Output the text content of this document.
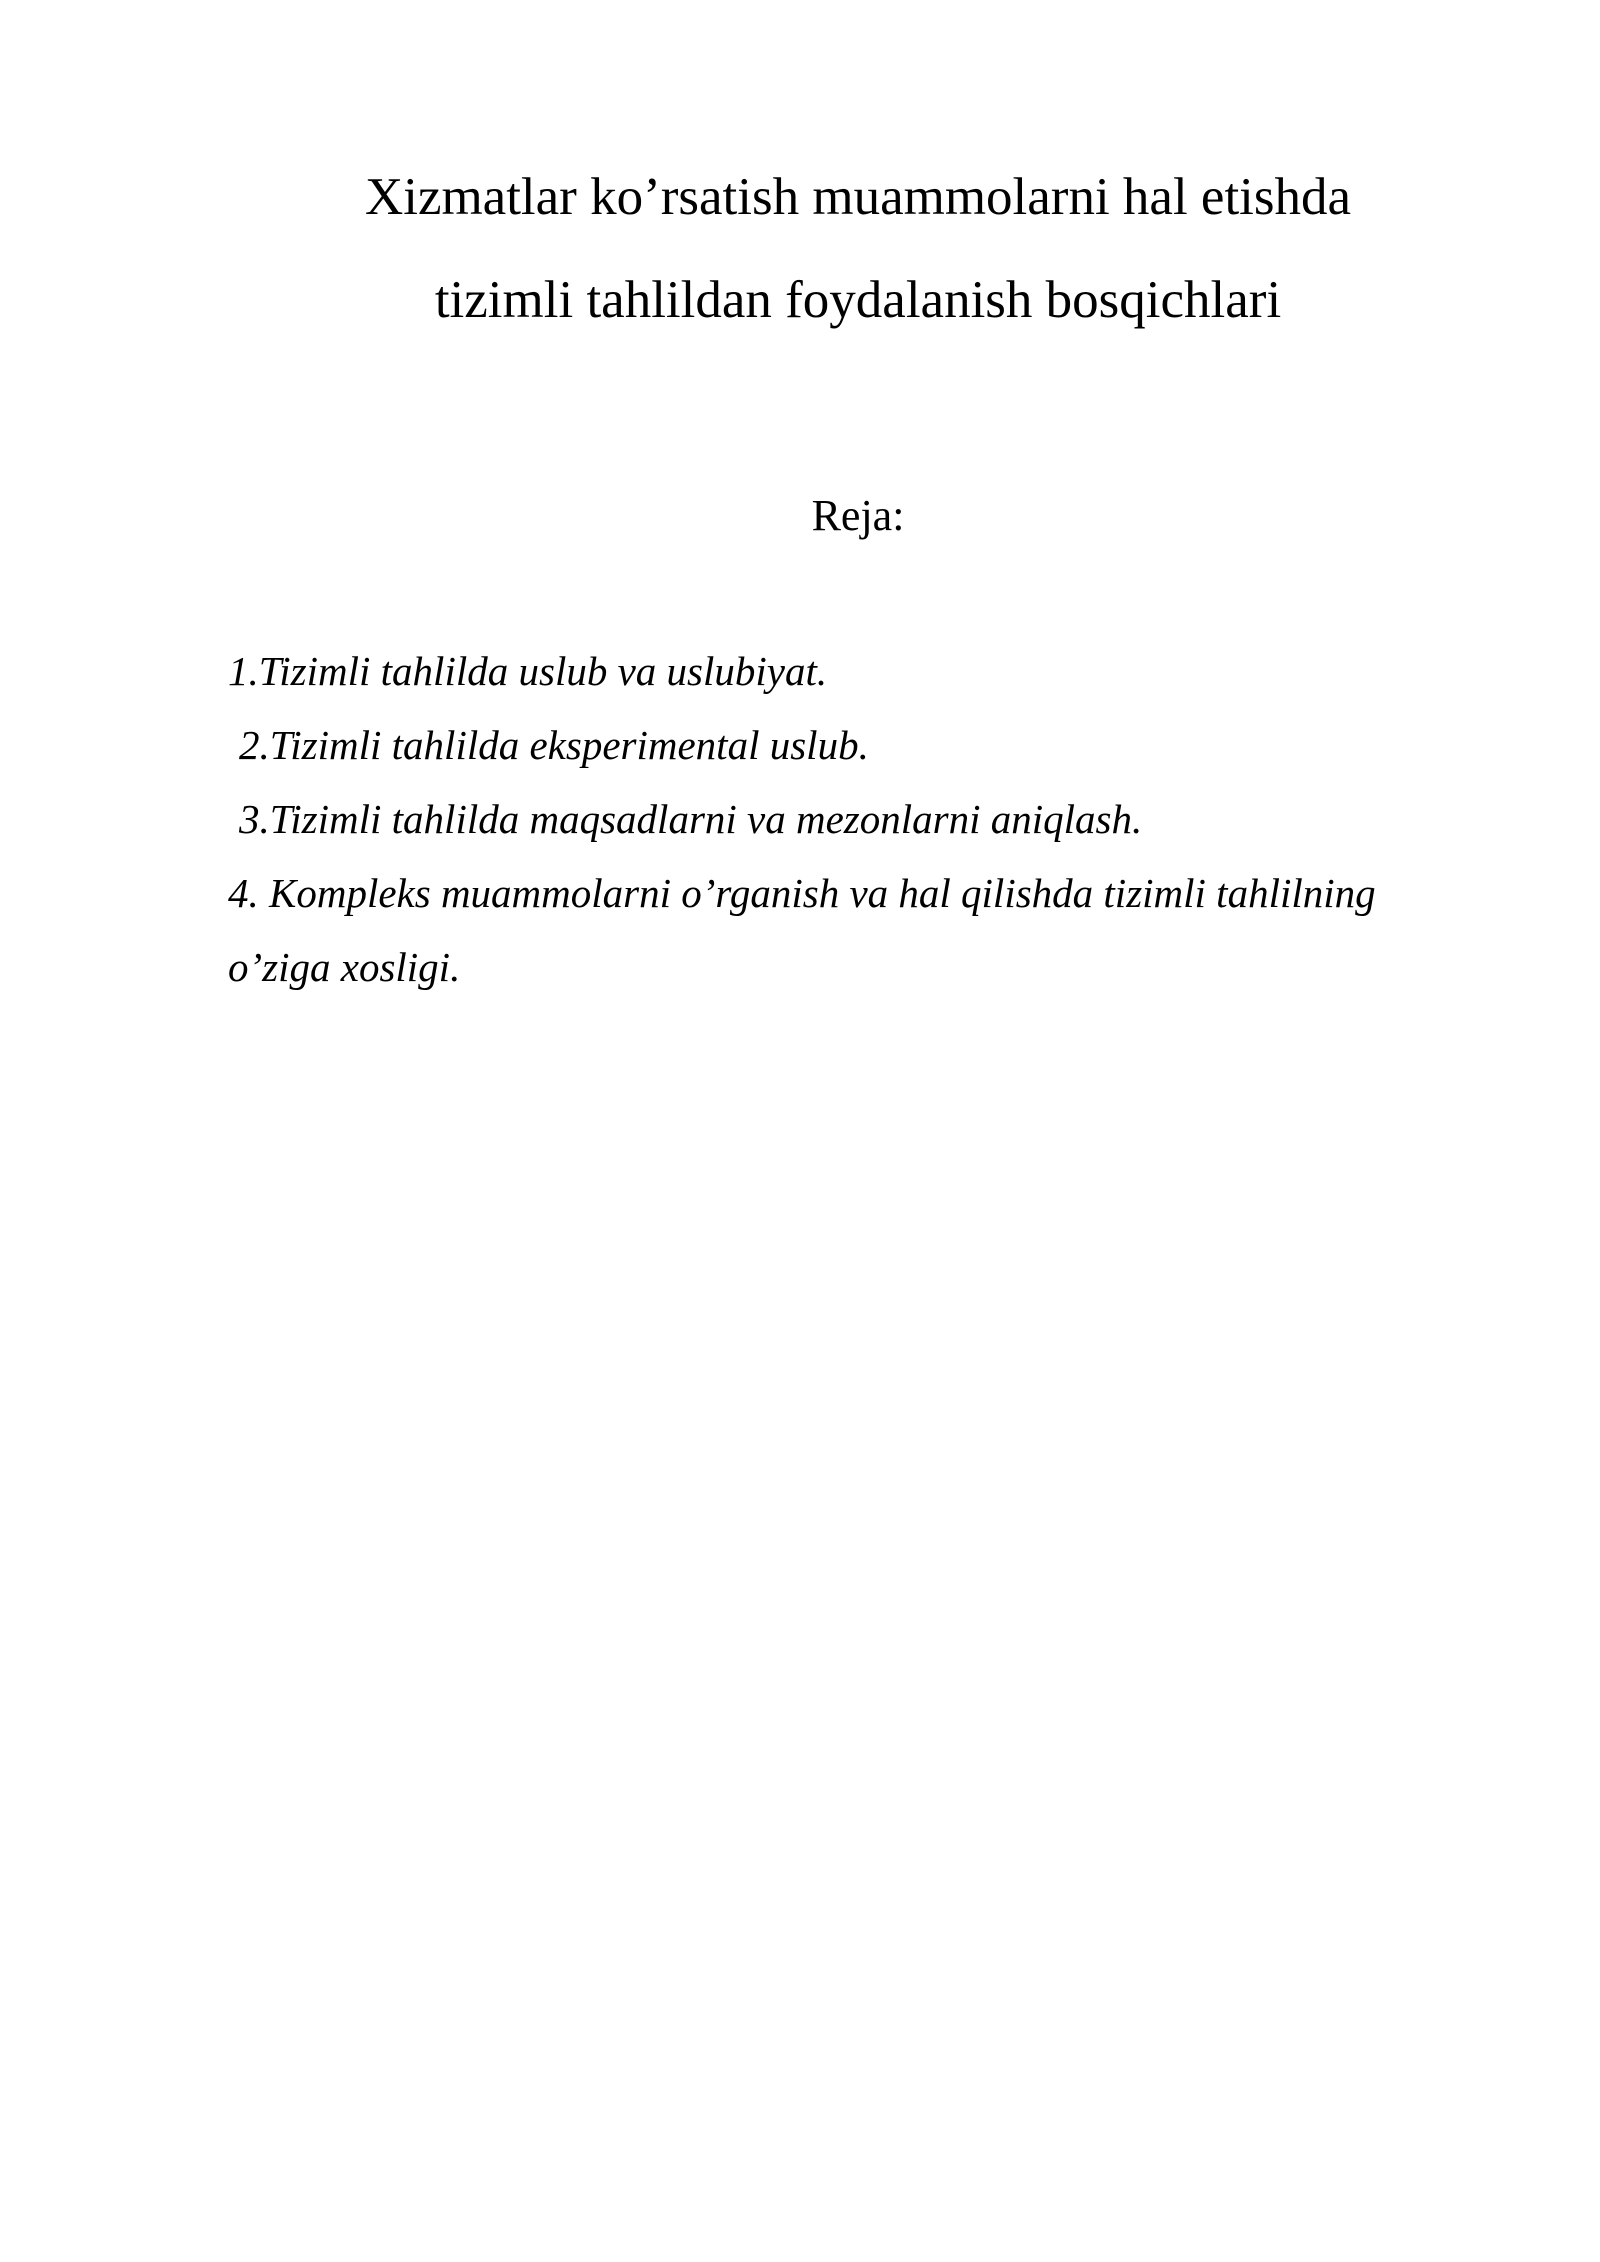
Xizmatlar ko’rsatish muammolarni hal etishda
tizimli tahlildan foydalanish bosqichlari
Reja:
1.Tizimli tahlilda uslub va uslubiyat.
2.Tizimli tahlilda eksperimental uslub.
3.Tizimli tahlilda maqsadlarni va mezonlarni aniqlash.
4. Kompleks muammolarni o’rganish va hal qilishda tizimli tahlilning
o’ziga xosligi.
